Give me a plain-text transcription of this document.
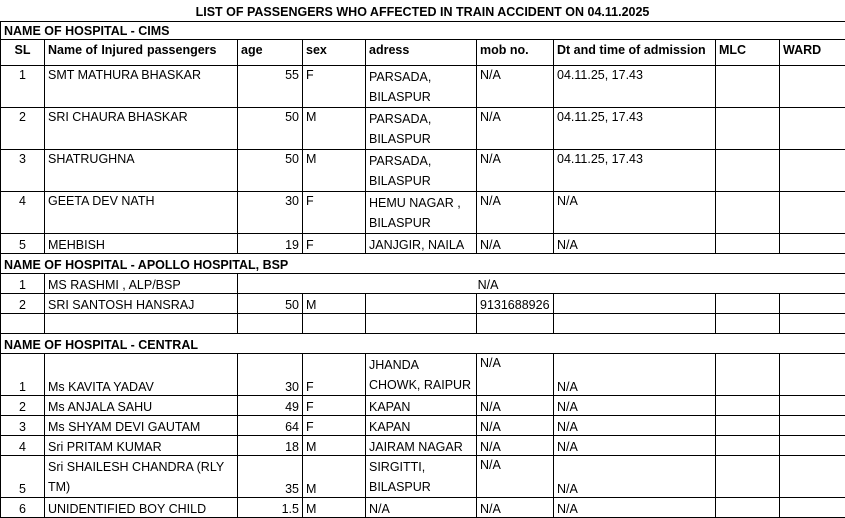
LIST OF PASSENGERS WHO AFFECTED IN TRAIN ACCIDENT ON 04.11.2025
NAME OF HOSPITAL - CIMS								
SL	Name of Injured passengers	age	sex	adress	mob no.	Dt and time of admission	MLC	WARD
1	SMT MATHURA BHASKAR	55	F	PARSADA, BILASPUR	N/A	04.11.25, 17.43		
2	SRI CHAURA BHASKAR	50	M	PARSADA, BILASPUR	N/A	04.11.25, 17.43		
3	SHATRUGHNA	50	M	PARSADA, BILASPUR	N/A	04.11.25, 17.43		
4	GEETA DEV NATH	30	F	HEMU NAGAR , BILASPUR	N/A	N/A		
5	MEHBISH	19	F	JANJGIR, NAILA	N/A	N/A		
NAME OF HOSPITAL - APOLLO HOSPITAL, BSP								
1	MS RASHMI , ALP/BSP	N/A						
2	SRI SANTOSH HANSRAJ	50	M		9131688926			

NAME OF HOSPITAL - CENTRAL								
1	Ms KAVITA YADAV	30	F	JHANDA CHOWK, RAIPUR	N/A	N/A		
2	Ms ANJALA SAHU	49	F	KAPAN	N/A	N/A		
3	Ms SHYAM DEVI GAUTAM	64	F	KAPAN	N/A	N/A		
4	Sri PRITAM KUMAR	18	M	JAIRAM NAGAR	N/A	N/A		
5	Sri SHAILESH CHANDRA (RLY TM)	35	M	SIRGITTI, BILASPUR	N/A	N/A		
6	UNIDENTIFIED BOY CHILD	1.5	M	N/A	N/A	N/A		
